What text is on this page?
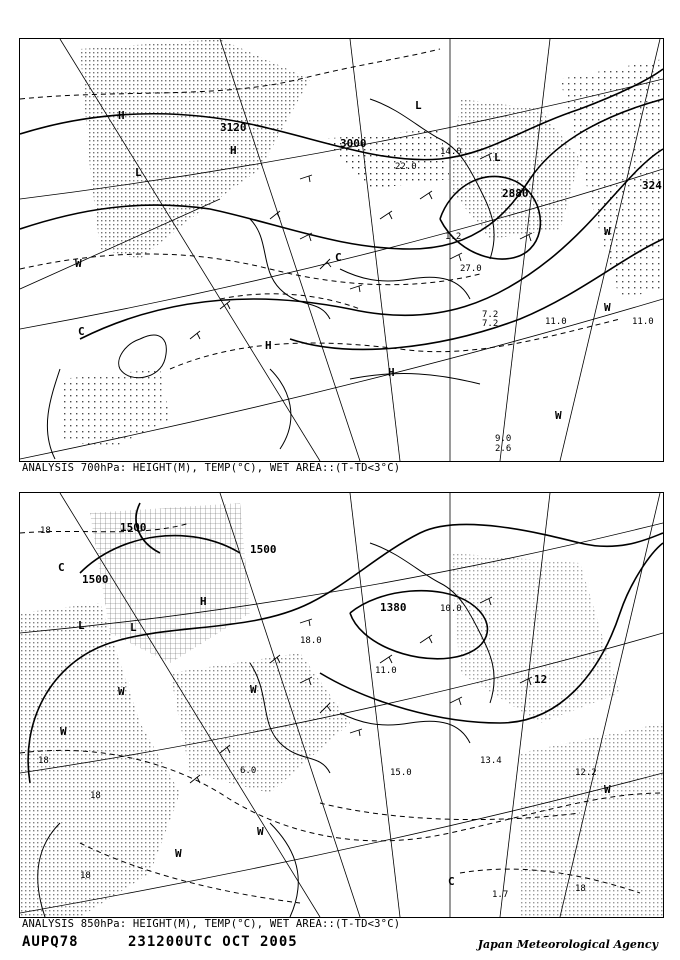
3120
3000
2880
324
H
H
L
L
L
C
C
W
W
W
W
H
H
11.0
7.2
11.0
7.2
9.0
2.6
14.0
22.0
27.0
1.2
ANALYSIS 700hPa: HEIGHT(M), TEMP(°C), WET AREA::(T-TD<3°C)
1500
1500
1500
1380
18
18
18
18
18
12
H
L	L
C
W
W
W
W
W
C
W
13.4
12.2
10.0
18.0
1.7
15.0
11.0
6.0
ANALYSIS 850hPa: HEIGHT(M), TEMP(°C), WET AREA::(T-TD<3°C)
AUPQ78	231200UTC OCT 2005	Japan Meteorological Agency
